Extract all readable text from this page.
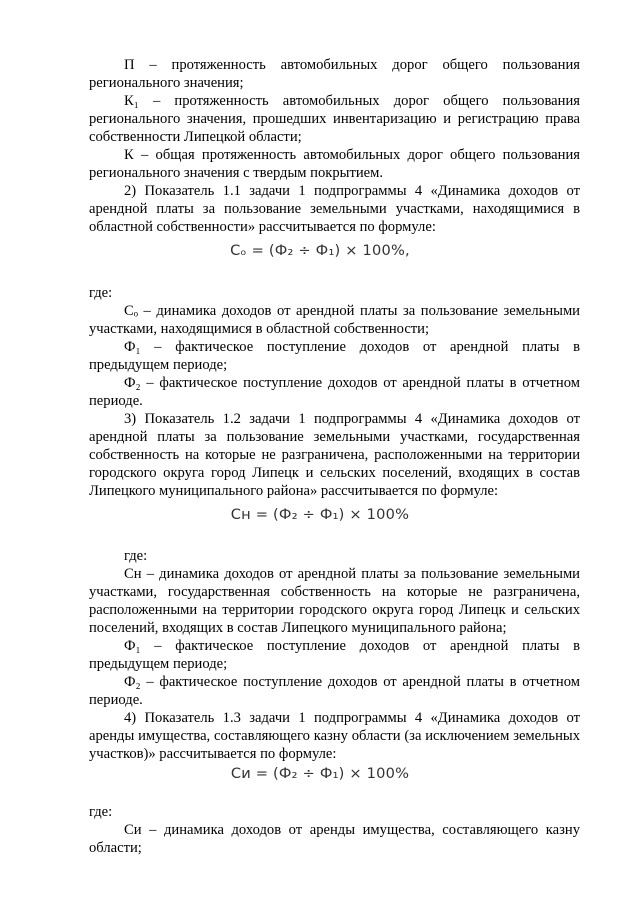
П – протяженность автомобильных дорог общего пользования регионального значения;

К₁ – протяженность автомобильных дорог общего пользования регионального значения, прошедших инвентаризацию и регистрацию права собственности Липецкой области;

К – общая протяженность автомобильных дорог общего пользования регионального значения с твердым покрытием.

2) Показатель 1.1 задачи 1 подпрограммы 4 «Динамика доходов от арендной платы за пользование земельными участками, находящимися в областной собственности» рассчитывается по формуле:

Cₒ = (Ф₂ ÷ Ф₁) × 100%,

где:

Cₒ – динамика доходов от арендной платы за пользование земельными участками, находящимися в областной собственности;

Ф₁ – фактическое поступление доходов от арендной платы в предыдущем периоде;

Ф₂ – фактическое поступление доходов от арендной платы в отчетном периоде.

3) Показатель 1.2 задачи 1 подпрограммы 4 «Динамика доходов от арендной платы за пользование земельными участками, государственная собственность на которые не разграничена, расположенными на территории городского округа город Липецк и сельских поселений, входящих в состав Липецкого муниципального района» рассчитывается по формуле:

Cн = (Ф₂ ÷ Ф₁) × 100%

где:

Cн – динамика доходов от арендной платы за пользование земельными участками, государственная собственность на которые не разграничена, расположенными на территории городского округа город Липецк и сельских поселений, входящих в состав Липецкого муниципального района;

Ф₁ – фактическое поступление доходов от арендной платы в предыдущем периоде;

Ф₂ – фактическое поступление доходов от арендной платы в отчетном периоде.

4) Показатель 1.3 задачи 1 подпрограммы 4 «Динамика доходов от аренды имущества, составляющего казну области (за исключением земельных участков)» рассчитывается по формуле:

Cи = (Ф₂ ÷ Ф₁) × 100%

где:

Cи – динамика доходов от аренды имущества, составляющего казну области;
